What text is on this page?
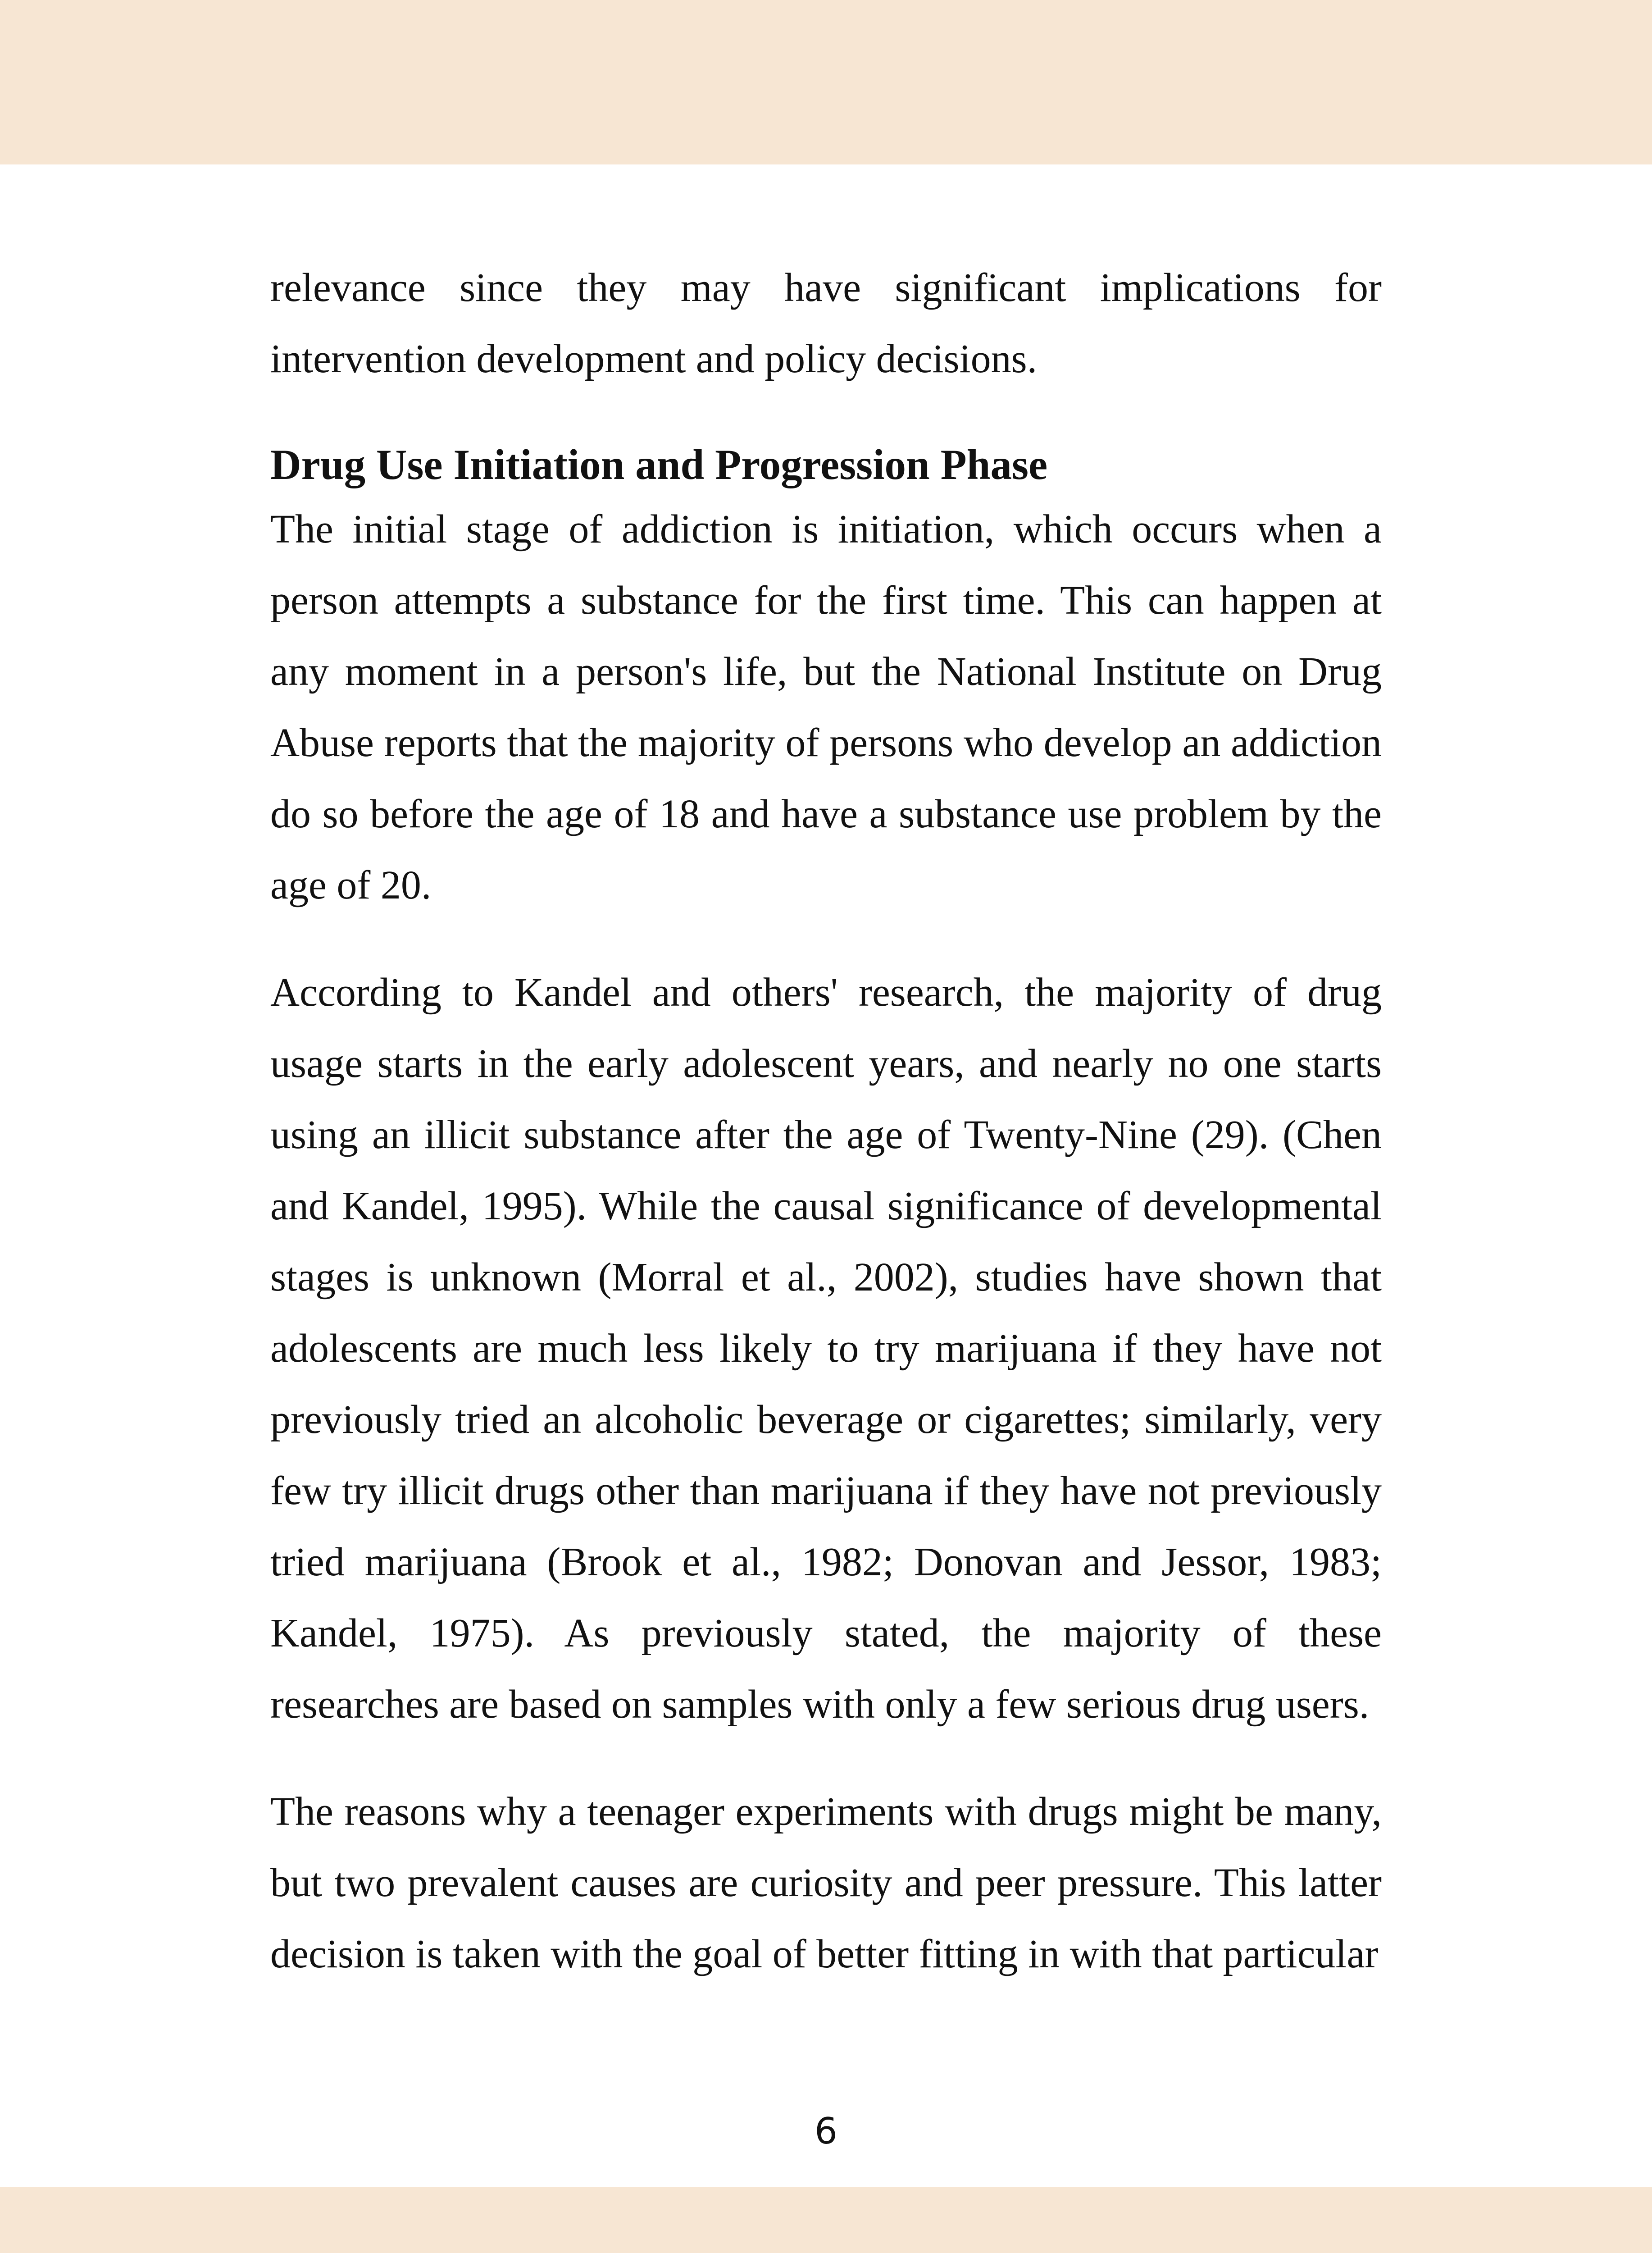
relevance since they may have significant implications for intervention development and policy decisions.

Drug Use Initiation and Progression Phase

The initial stage of addiction is initiation, which occurs when a person attempts a substance for the first time. This can happen at any moment in a person's life, but the National Institute on Drug Abuse reports that the majority of persons who develop an addiction do so before the age of 18 and have a substance use problem by the age of 20.

According to Kandel and others' research, the majority of drug usage starts in the early adolescent years, and nearly no one starts using an illicit substance after the age of Twenty-Nine (29). (Chen and Kandel, 1995). While the causal significance of developmental stages is unknown (Morral et al., 2002), studies have shown that adolescents are much less likely to try marijuana if they have not previously tried an alcoholic beverage or cigarettes; similarly, very few try illicit drugs other than marijuana if they have not previously tried marijuana (Brook et al., 1982; Donovan and Jessor, 1983; Kandel, 1975). As previously stated, the majority of these researches are based on samples with only a few serious drug users.

The reasons why a teenager experiments with drugs might be many, but two prevalent causes are curiosity and peer pressure. This latter decision is taken with the goal of better fitting in with that particular

6
